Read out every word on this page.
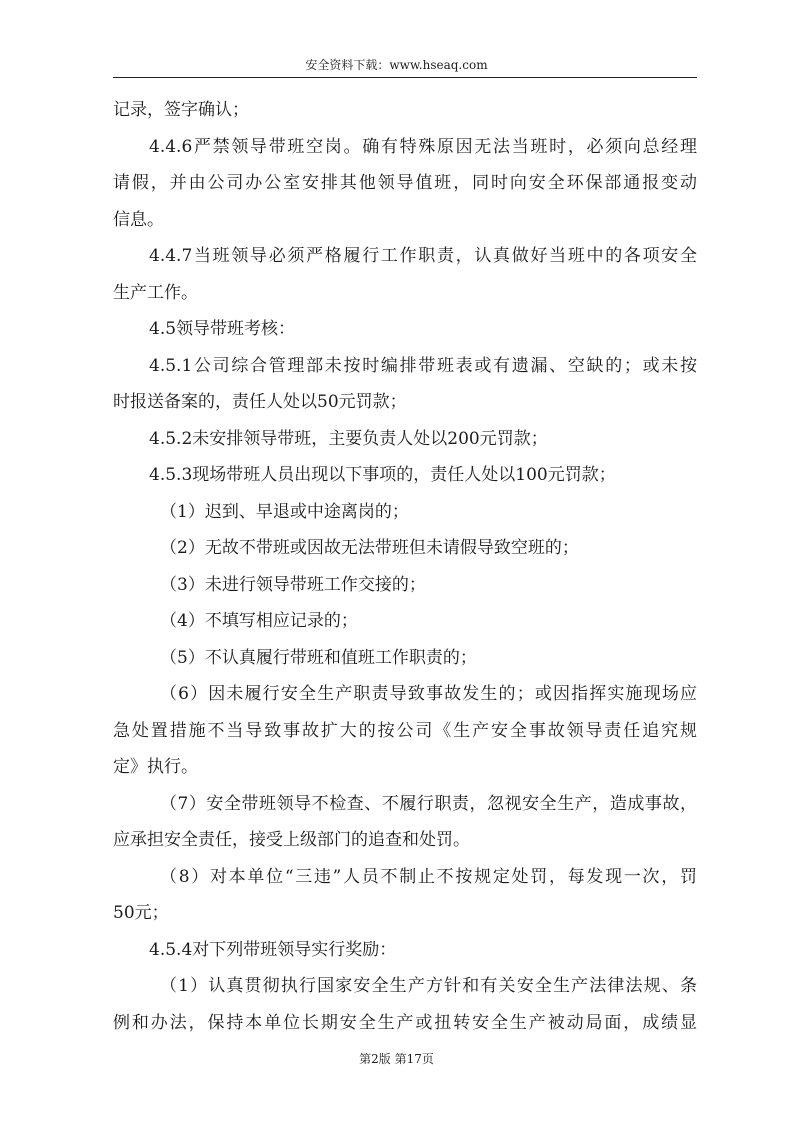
安全资料下载：www.hseaq.com
记录，签字确认；
4.4.6严禁领导带班空岗。确有特殊原因无法当班时，必须向总经理
请假，并由公司办公室安排其他领导值班，同时向安全环保部通报变动
信息。
4.4.7当班领导必须严格履行工作职责，认真做好当班中的各项安全
生产工作。
4.5领导带班考核：
4.5.1公司综合管理部未按时编排带班表或有遗漏、空缺的；或未按
时报送备案的，责任人处以50元罚款；
4.5.2未安排领导带班，主要负责人处以200元罚款；
4.5.3现场带班人员出现以下事项的，责任人处以100元罚款；
（1）迟到、早退或中途离岗的；
（2）无故不带班或因故无法带班但未请假导致空班的；
（3）未进行领导带班工作交接的；
（4）不填写相应记录的；
（5）不认真履行带班和值班工作职责的；
（6）因未履行安全生产职责导致事故发生的；或因指挥实施现场应
急处置措施不当导致事故扩大的按公司《生产安全事故领导责任追究规
定》执行。
（7）安全带班领导不检查、不履行职责，忽视安全生产，造成事故，
应承担安全责任，接受上级部门的追查和处罚。
（8）对本单位“三违”人员不制止不按规定处罚，每发现一次，罚
50元；
4.5.4对下列带班领导实行奖励：
（1）认真贯彻执行国家安全生产方针和有关安全生产法律法规、条
例和办法，保持本单位长期安全生产或扭转安全生产被动局面，成绩显
第2版 第17页
